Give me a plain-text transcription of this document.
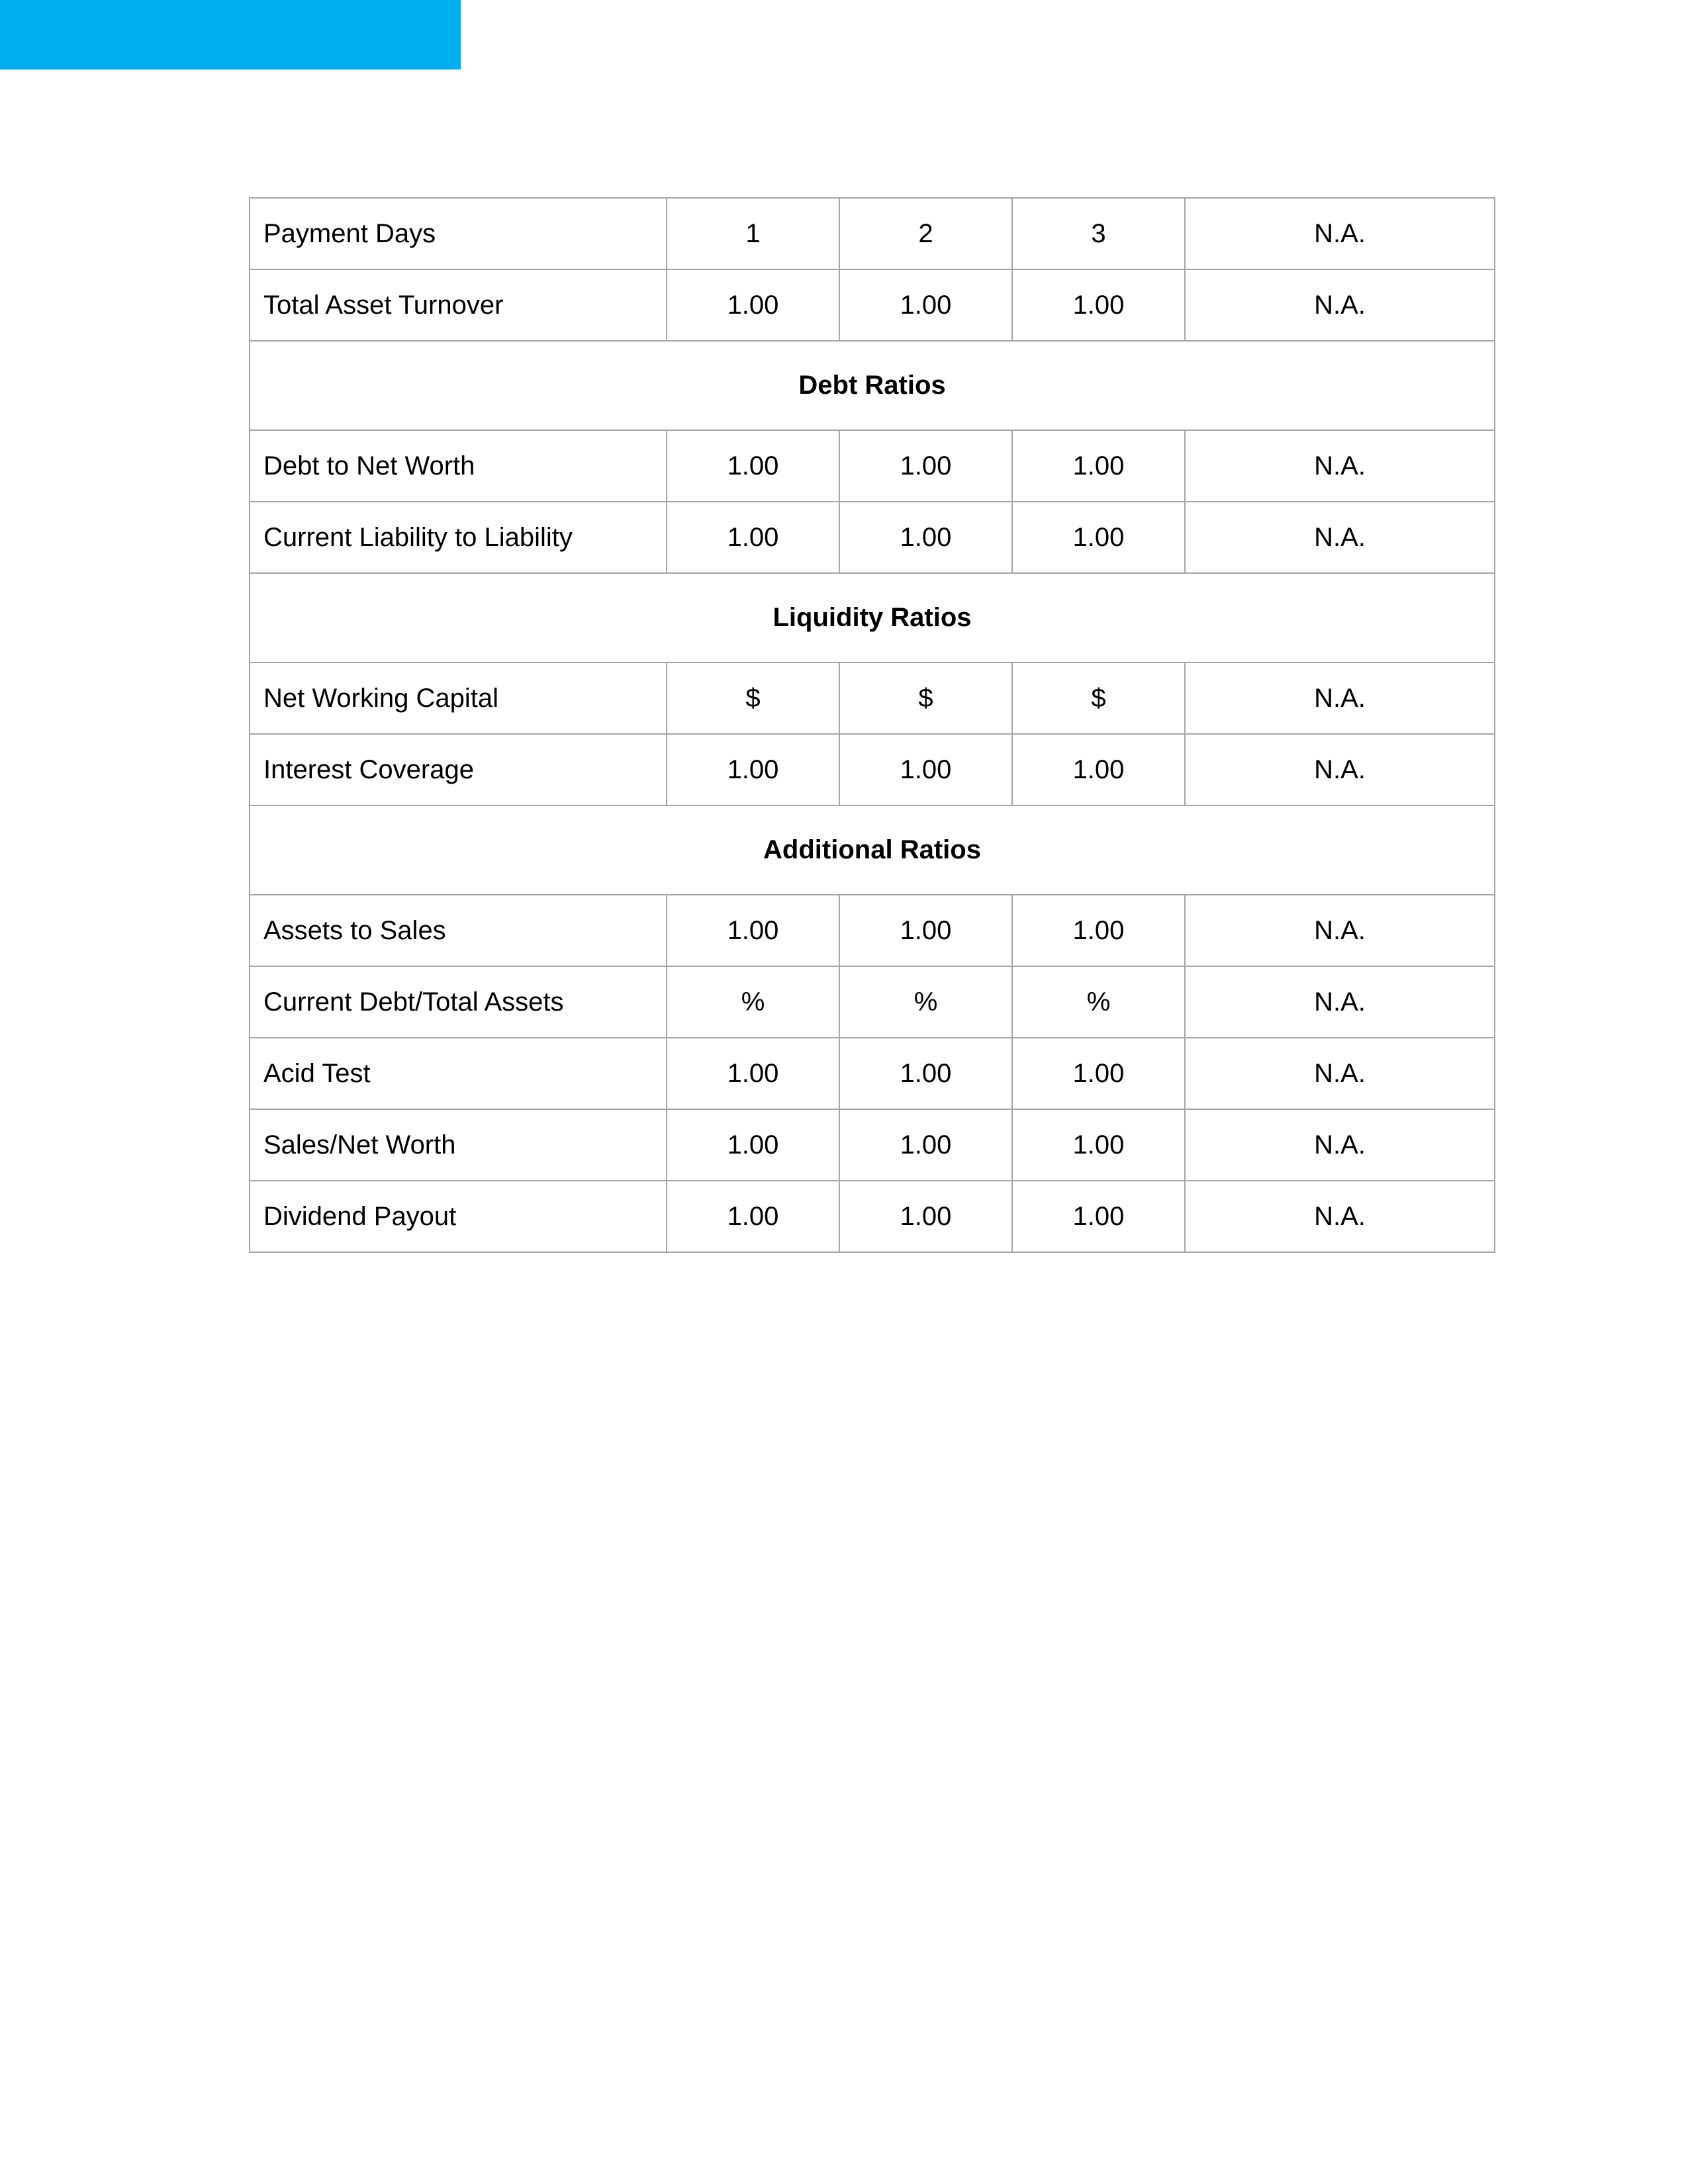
Payment Days	1	2	3	N.A.
Total Asset Turnover	1.00	1.00	1.00	N.A.
Debt Ratios				
Debt to Net Worth	1.00	1.00	1.00	N.A.
Current Liability to Liability	1.00	1.00	1.00	N.A.
Liquidity Ratios				
Net Working Capital	$	$	$	N.A.
Interest Coverage	1.00	1.00	1.00	N.A.
Additional Ratios				
Assets to Sales	1.00	1.00	1.00	N.A.
Current Debt/Total Assets	%	%	%	N.A.
Acid Test	1.00	1.00	1.00	N.A.
Sales/Net Worth	1.00	1.00	1.00	N.A.
Dividend Payout	1.00	1.00	1.00	N.A.
